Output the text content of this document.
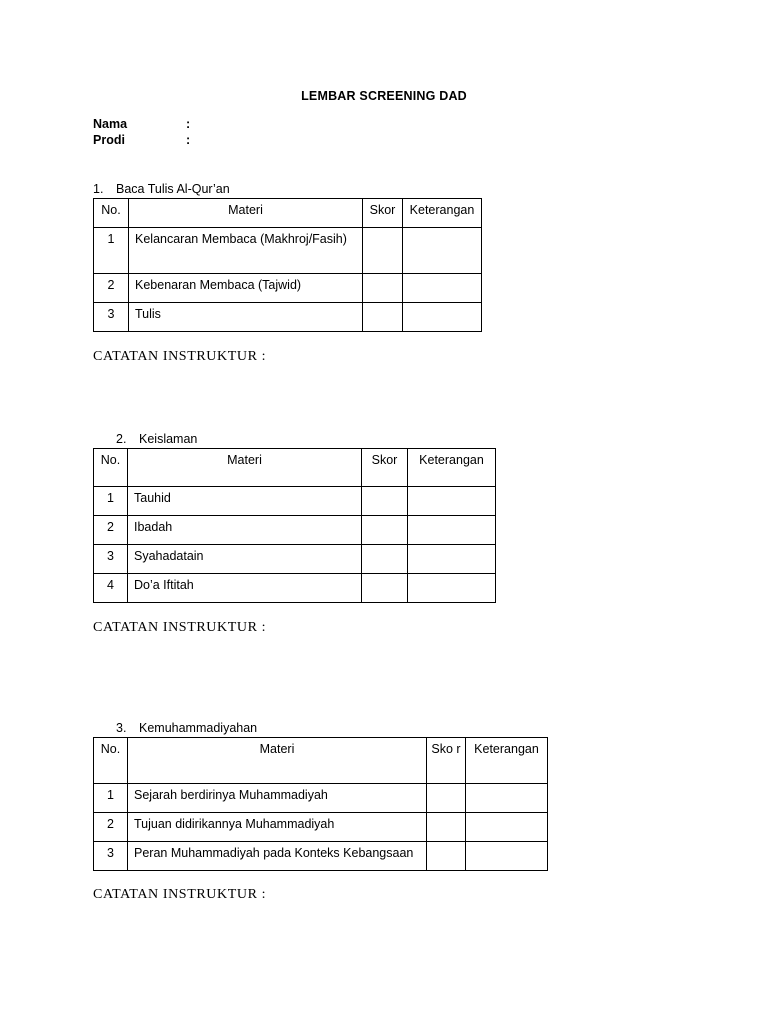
LEMBAR SCREENING DAD
Nama	:
Prodi	:
1. Baca Tulis Al-Qur’an
No.	Materi	Skor	Keterangan
1	Kelancaran Membaca (Makhroj/Fasih)		
2	Kebenaran Membaca (Tajwid)		
3	Tulis		
CATATAN INSTRUKTUR :
2. Keislaman
No.	Materi	Skor	Keterangan
1	Tauhid		
2	Ibadah		
3	Syahadatain		
4	Do’a Iftitah		
CATATAN INSTRUKTUR :
3. Kemuhammadiyahan
No.	Materi	Sko r	Keterangan
1	Sejarah berdirinya Muhammadiyah		
2	Tujuan didirikannya Muhammadiyah		
3	Peran Muhammadiyah pada Konteks Kebangsaan		
CATATAN INSTRUKTUR :
